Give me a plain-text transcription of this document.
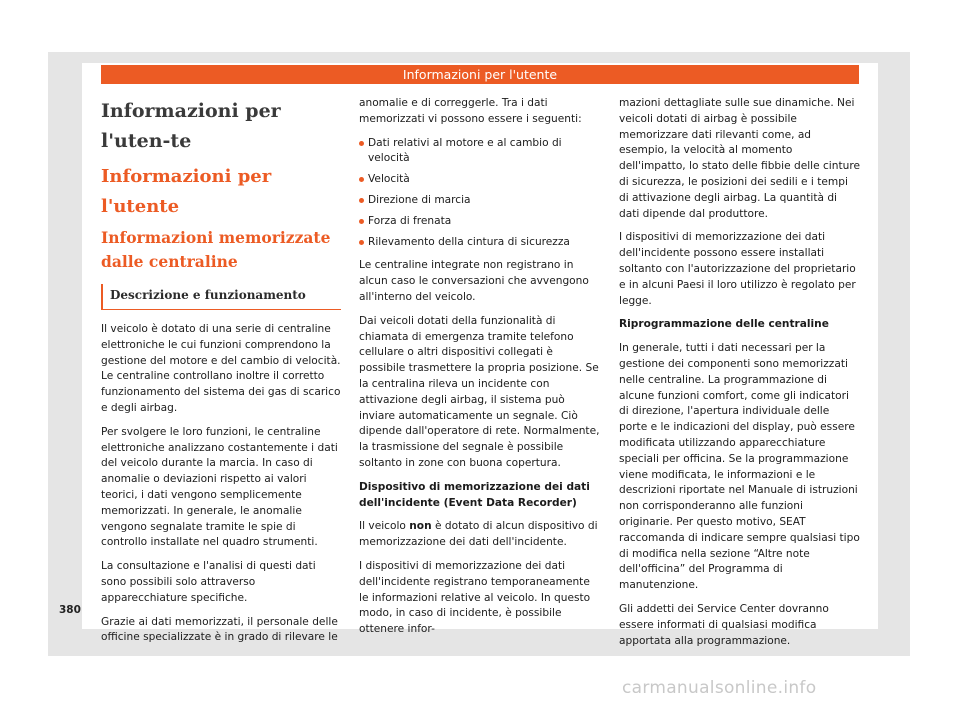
Informazioni per l'utente
Informazioni per l'uten-te
Informazioni per l'utente
Informazioni memorizzate dalle centraline
Descrizione e funzionamento

Il veicolo è dotato di una serie di centraline elettroniche le cui funzioni comprendono la gestione del motore e del cambio di velocità. Le centraline controllano inoltre il corretto funzionamento del sistema dei gas di scarico e degli airbag.

Per svolgere le loro funzioni, le centraline elettroniche analizzano costantemente i dati del veicolo durante la marcia. In caso di anomalie o deviazioni rispetto ai valori teorici, i dati vengono semplicemente memorizzati. In generale, le anomalie vengono segnalate tramite le spie di controllo installate nel quadro strumenti.

La consultazione e l'analisi di questi dati sono possibili solo attraverso apparecchiature specifiche.

Grazie ai dati memorizzati, il personale delle officine specializzate è in grado di rilevare le

anomalie e di correggerle. Tra i dati memorizzati vi possono essere i seguenti:

Dati relativi al motore e al cambio di velocità
Velocità
Direzione di marcia
Forza di frenata
Rilevamento della cintura di sicurezza

Le centraline integrate non registrano in alcun caso le conversazioni che avvengono all'interno del veicolo.

Dai veicoli dotati della funzionalità di chiamata di emergenza tramite telefono cellulare o altri dispositivi collegati è possibile trasmettere la propria posizione. Se la centralina rileva un incidente con attivazione degli airbag, il sistema può inviare automaticamente un segnale. Ciò dipende dall'operatore di rete. Normalmente, la trasmissione del segnale è possibile soltanto in zone con buona copertura.

Dispositivo di memorizzazione dei dati dell'incidente (Event Data Recorder)

Il veicolo non è dotato di alcun dispositivo di memorizzazione dei dati dell'incidente.

I dispositivi di memorizzazione dei dati dell'incidente registrano temporaneamente le informazioni relative al veicolo. In questo modo, in caso di incidente, è possibile ottenere infor-

mazioni dettagliate sulle sue dinamiche. Nei veicoli dotati di airbag è possibile memorizzare dati rilevanti come, ad esempio, la velocità al momento dell'impatto, lo stato delle fibbie delle cinture di sicurezza, le posizioni dei sedili e i tempi di attivazione degli airbag. La quantità di dati dipende dal produttore.

I dispositivi di memorizzazione dei dati dell'incidente possono essere installati soltanto con l'autorizzazione del proprietario e in alcuni Paesi il loro utilizzo è regolato per legge.

Riprogrammazione delle centraline

In generale, tutti i dati necessari per la gestione dei componenti sono memorizzati nelle centraline. La programmazione di alcune funzioni comfort, come gli indicatori di direzione, l'apertura individuale delle porte e le indicazioni del display, può essere modificata utilizzando apparecchiature speciali per officina. Se la programmazione viene modificata, le informazioni e le descrizioni riportate nel Manuale di istruzioni non corrisponderanno alle funzioni originarie. Per questo motivo, SEAT raccomanda di indicare sempre qualsiasi tipo di modifica nella sezione “Altre note dell'officina” del Programma di manutenzione.

Gli addetti dei Service Center dovranno essere informati di qualsiasi modifica apportata alla programmazione.

380
carmanualsonline.info
